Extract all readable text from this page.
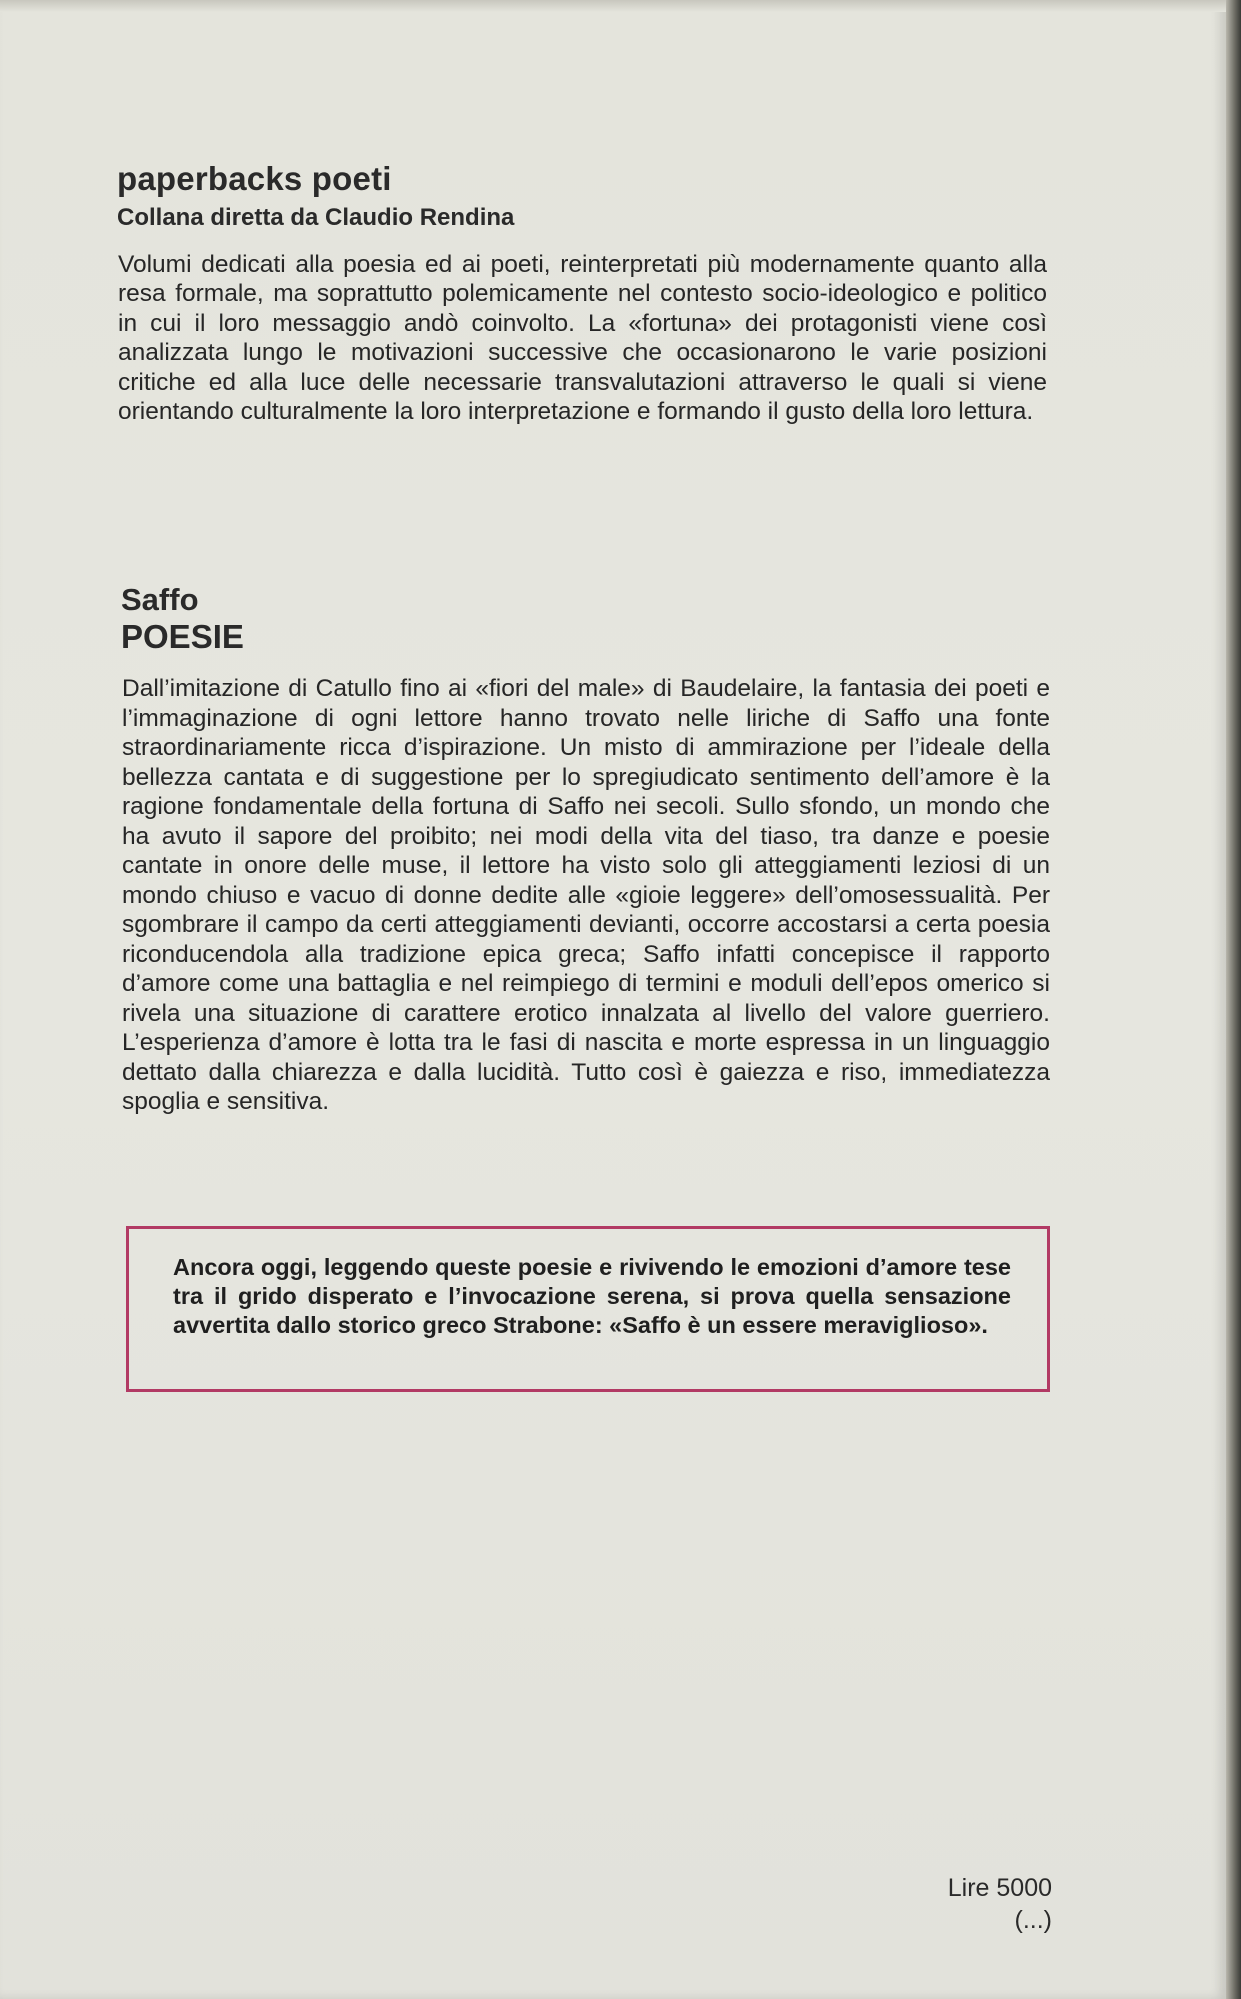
paperbacks poeti
Collana diretta da Claudio Rendina

Volumi dedicati alla poesia ed ai poeti, reinterpretati più modernamente quanto alla resa formale, ma soprattutto polemicamente nel contesto socio-ideologico e politico in cui il loro messaggio andò coinvolto. La «fortuna» dei protagonisti viene così analizzata lungo le motivazioni successive che occasionarono le varie posizioni critiche ed alla luce delle necessarie transvalutazioni attraverso le quali si viene orientando culturalmente la loro interpretazione e formando il gusto della loro lettura.

Saffo
POESIE

Dall’imitazione di Catullo fino ai «fiori del male» di Baudelaire, la fantasia dei poeti e l’immaginazione di ogni lettore hanno trovato nelle liriche di Saffo una fonte straordinariamente ricca d’ispirazione. Un misto di ammirazione per l’ideale della bellezza cantata e di suggestione per lo spregiudicato sentimento dell’amore è la ragione fondamentale della fortuna di Saffo nei secoli. Sullo sfondo, un mondo che ha avuto il sapore del proibito; nei modi della vita del tiaso, tra danze e poesie cantate in onore delle muse, il lettore ha visto solo gli atteggiamenti leziosi di un mondo chiuso e vacuo di donne dedite alle «gioie leggere» dell’omosessualità. Per sgombrare il campo da certi atteggiamenti devianti, occorre accostarsi a certa poesia riconducendola alla tradizione epica greca; Saffo infatti concepisce il rapporto d’amore come una battaglia e nel reimpiego di termini e moduli dell’epos omerico si rivela una situazione di carattere erotico innalzata al livello del valore guerriero. L’esperienza d’amore è lotta tra le fasi di nascita e morte espressa in un linguaggio dettato dalla chiarezza e dalla lucidità. Tutto così è gaiezza e riso, immediatezza spoglia e sensitiva.

Ancora oggi, leggendo queste poesie e rivivendo le emozioni d’amore tese tra il grido disperato e l’invocazione serena, si prova quella sensazione avvertita dallo storico greco Strabone: «Saffo è un essere meraviglioso».

Lire 5000

(...)
